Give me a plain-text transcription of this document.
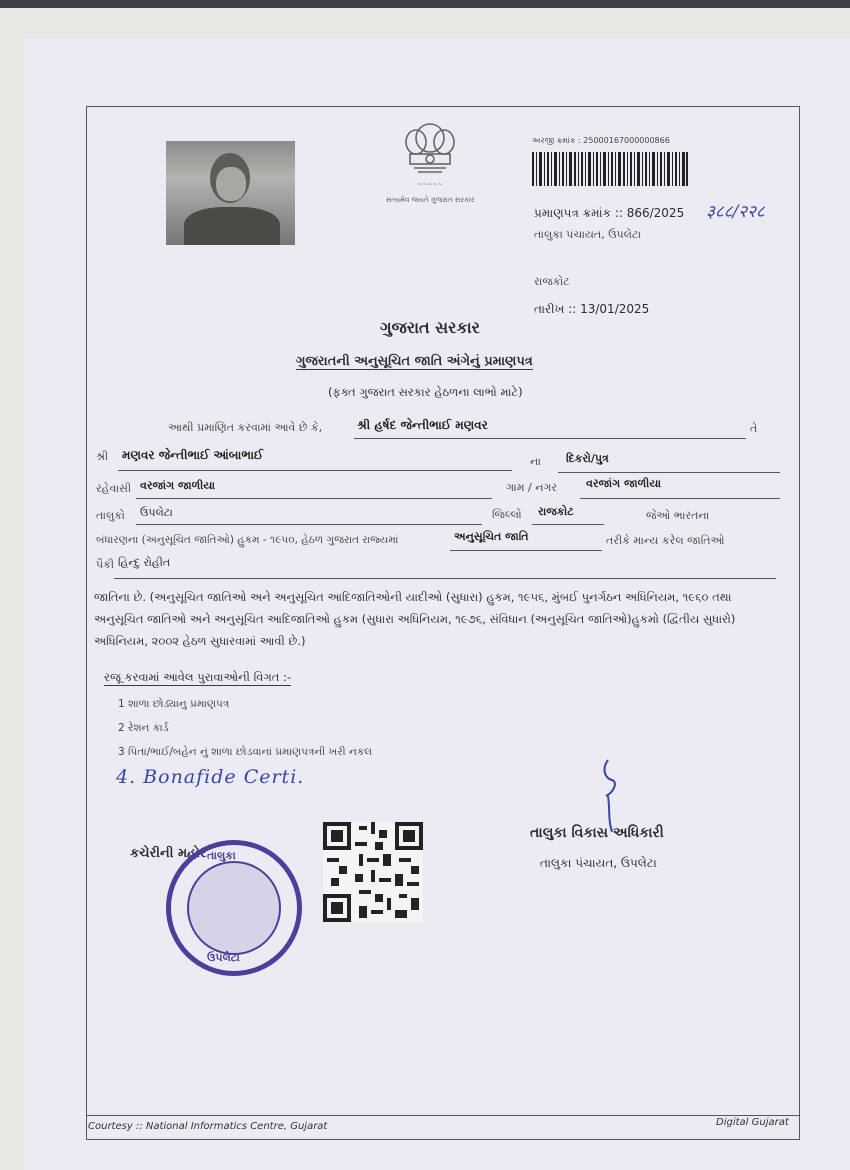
~~~~~
સત્યમેવ જયતે ગુજરાત સરકાર
અરજી ક્રમાંક : 25000167000000866
પ્રમાણપત્ર ક્રમાંક :: 866/2025 ३८८/२२८
તાલુકા પંચાયત, ઉપલેટા
રાજકોટ
તારીખ :: 13/01/2025
ગુજરાત સરકાર
ગુજરાતની અનુસૂચિત જાતિ અંગેનું પ્રમાણપત્ર
(ફક્ત ગુજરાત સરકાર હેઠળના લાભો માટે)
આથી પ્રમાણિત કરવામાં આવે છે કે,	શ્રી હર્ષદ જેન્તીભાઈ મણવર	તે
શ્રી મણવર જેન્તીભાઈ આંબાભાઈ	ના દિકરો/પુત્ર
રહેવાસી વરજાંગ જાળીયા	ગામ / નગર	વરજાંગ જાળીયા
તાલુકો ઉપલેટા	જિલ્લો રાજકોટ	જેઓ ભારતના
બંધારણના (અનુસૂચિત જાતિઓ) હુકમ - ૧૯૫૦, હેઠળ ગુજરાત રાજ્યમાં	અનુસૂચિત જાતિ	તરીકે માન્ય કરેલ જાતિઓ
પૈકી હિન્દુ રોહીત
જાતિના છે. (અનુસૂચિત જાતિઓ અને અનુસૂચિત આદિજાતિઓની યાદીઓ (સુધારા) હુકમ, ૧૯૫૬, મુંબઈ પુનર્ગઠન અધિનિયમ, ૧૯૬૦ તથા અનુસૂચિત જાતિઓ અને અનુસૂચિત આદિજાતિઓ હુકમ (સુધારા અધિનિયમ, ૧૯૭૬, સંવિધાન (અનુસૂચિત જાતિઓ)હુકમો (દ્વિતીય સુધારો) અધિનિયમ, ૨૦૦૨ હેઠળ સુધારવામાં આવી છે.)
રજૂ કરવામાં આવેલ પુરાવાઓની વિગત :-
1 શાળા છોડ્યાનુ પ્રમાણપત્ર
2 રેશન કાર્ડ
3 પિતા/ભાઈ/બહેન નું શાળા છોડવાનાં પ્રમાણપત્રની ખરી નકલ
4. Bonafide Certi.
તાલુકા વિકાસ અધિકારી
તાલુકા પંચાયત, ઉપલેટા
કચેરીની મહોર તાલુકા
ઉપલેટા
Courtesy :: National Informatics Centre, Gujarat	Digital Gujarat
